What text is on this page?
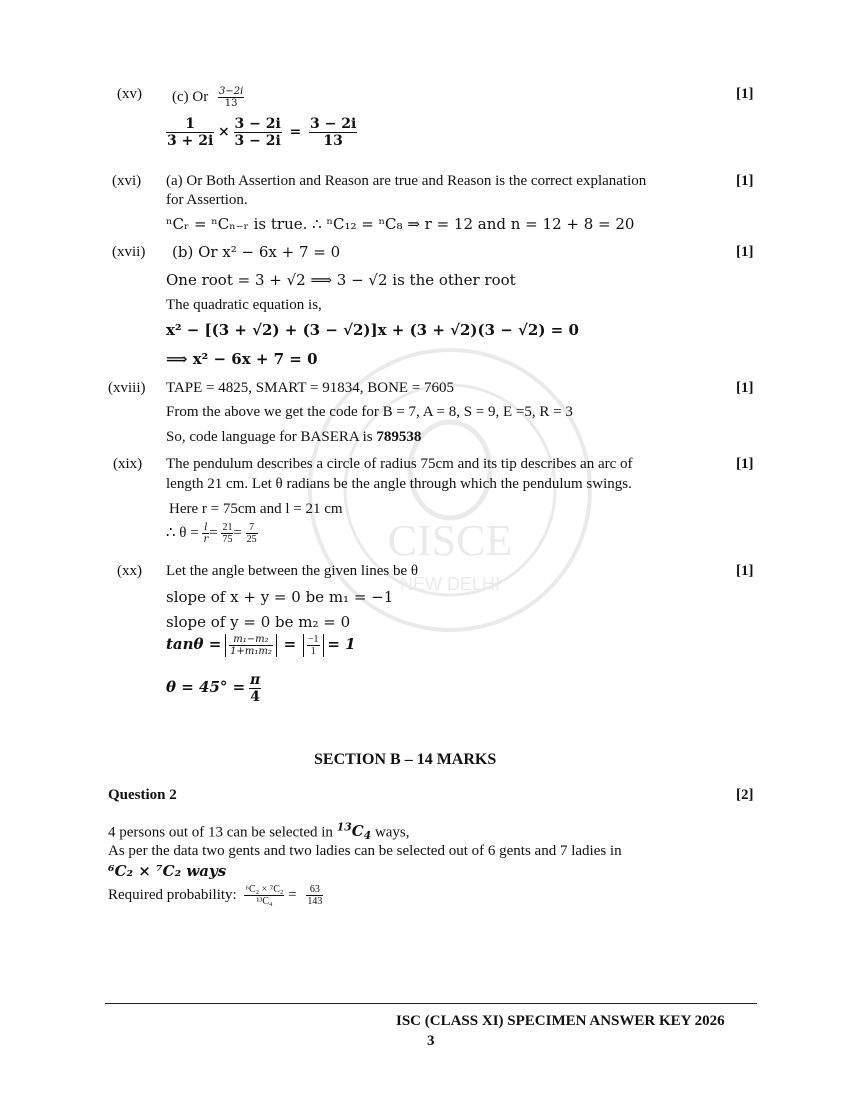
CISCE
NEW DELHI
(xv) (c) Or $\frac{3-2i}{13}$	[1]
$\frac{1}{3 + 2i} \times \frac{3 - 2i}{3 - 2i} = \frac{3 - 2i}{13}$
(xvi) (a) Or Both Assertion and Reason are true and Reason is the correct explanation	[1]
for Assertion.
ⁿCᵣ = ⁿCₙ₋ᵣ is true. ∴ ⁿC₁₂ = ⁿC₈ ⇒ r = 12 and n = 12 + 8 = 20
(xvii) (b) Or x² − 6x + 7 = 0	[1]
One root = 3 + √2 ⟹ 3 − √2 is the other root
The quadratic equation is,
x² − [(3 + √2) + (3 − √2)]x + (3 + √2)(3 − √2) = 0
⟹ x² − 6x + 7 = 0
(xviii) TAPE = 4825, SMART = 91834, BONE = 7605	[1]
From the above we get the code for B = 7, A = 8, S = 9, E =5, R = 3
So, code language for BASERA is 789538
(xix) The pendulum describes a circle of radius 75cm and its tip describes an arc of	[1]
length 21 cm. Let θ radians be the angle through which the pendulum swings.
Here r = 75cm and l = 21 cm
∴ $\theta = \frac{l}{r} = \frac{21}{75} = \frac{7}{25}$
(xx) Let the angle between the given lines be θ	[1]
slope of x + y = 0 be m₁ = −1
slope of y = 0 be m₂ = 0
$\tan\theta = \frac{\text{m₁−m₂}}{\text{1+m₁m₂}} = \frac{-1}{1} = 1$
$\theta = 45^\circ = \frac{\pi}{4}$
SECTION B – 14 MARKS
Question 2	[2]
4 persons out of 13 can be selected in $^{13}C_4$ ways,
As per the data two gents and two ladies can be selected out of 6 gents and 7 ladies in
⁶C₂ × ⁷C₂ ways
Required probability: $\frac{\text{⁶C₂ × ⁷C₂}}{\text{¹³C₄}} = \frac{63}{143}$
ISC (CLASS XI) SPECIMEN ANSWER KEY 2026
3
